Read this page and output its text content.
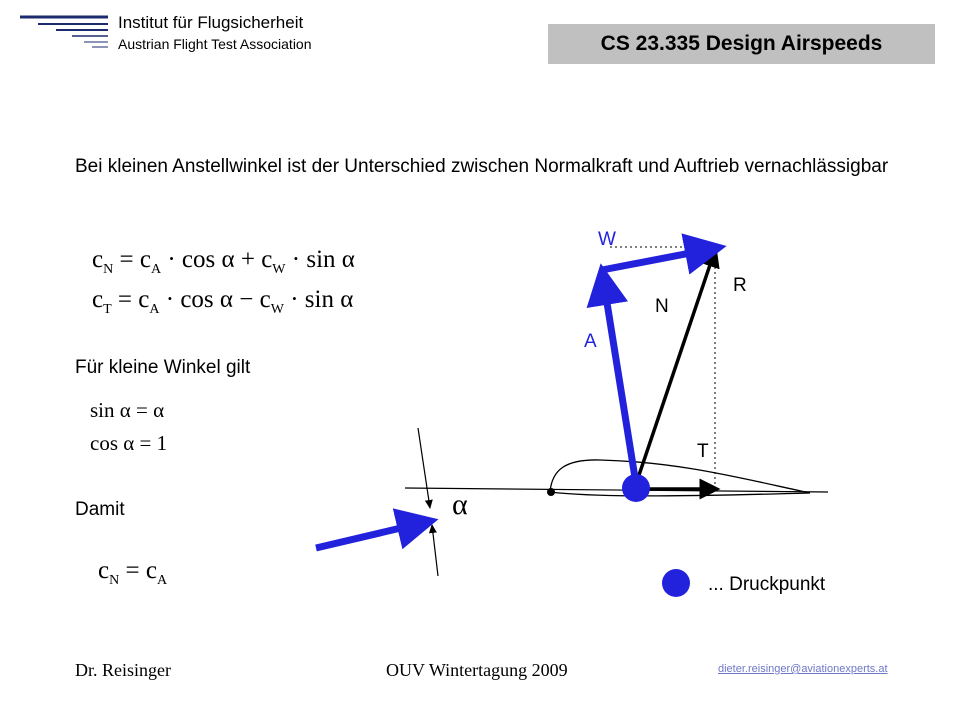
Institut für Flugsicherheit
Austrian Flight Test Association	CS 23.335 Design Airspeeds
Bei kleinen Anstellwinkel ist der Unterschied zwischen Normalkraft und Auftrieb vernachlässigbar
$c_N = c_A \cdot \cos \alpha + c_W \cdot \sin \alpha$
$c_T = c_A \cdot \cos \alpha - c_W \cdot \sin \alpha$
Für kleine Winkel gilt
sin α = α
cos α = 1
Damit
$c_N = c_A$
W
R
N
A
T
α
... Druckpunkt
Dr. Reisinger	OUV Wintertagung 2009	dieter.reisinger@aviationexperts.at
